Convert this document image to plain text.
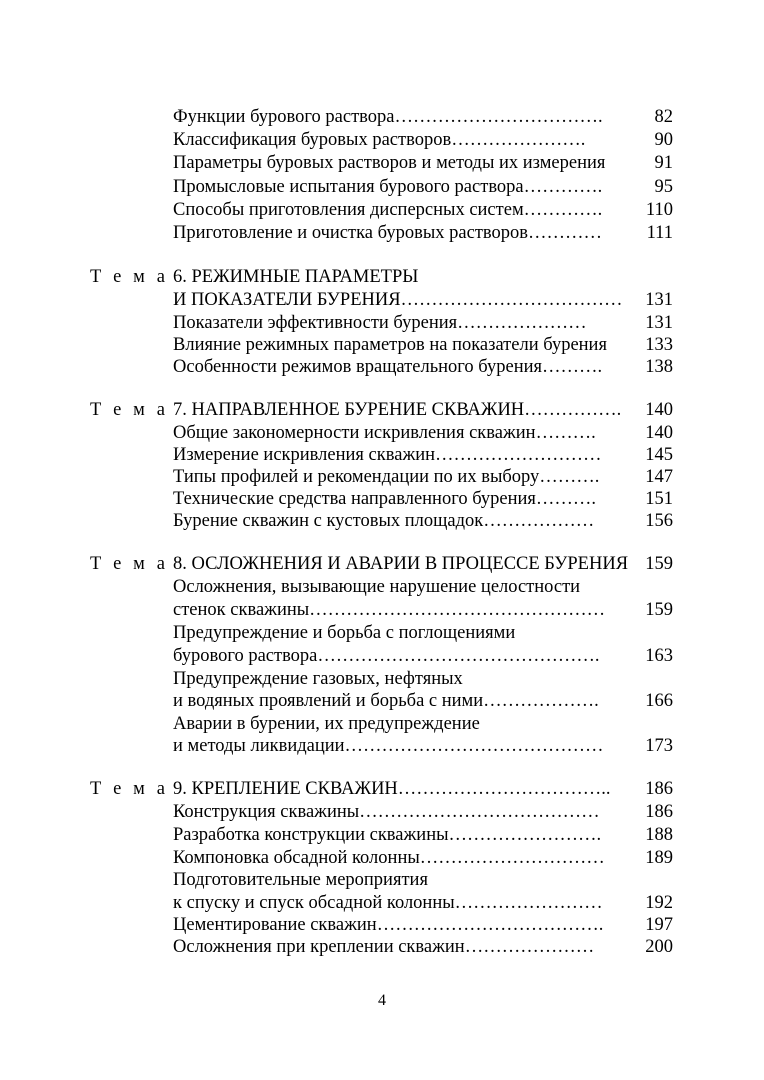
Функции бурового раствора…………………………….	82
Классификация буровых растворов………………….	90
Параметры буровых растворов и методы их измерения	91
Промысловые испытания бурового раствора………….	95
Способы приготовления дисперсных систем…………. 110
Приготовление и очистка буровых растворов………… 111
Т е м а 6. РЕЖИМНЫЕ ПАРАМЕТРЫ
И ПОКАЗАТЕЛИ БУРЕНИЯ……………………………… 131
Показатели эффективности бурения…………………	131
Влияние режимных параметров на показатели бурения 133
Особенности режимов вращательного бурения………. 138
Т е м а 7. НАПРАВЛЕННОЕ БУРЕНИЕ СКВАЖИН……………. 140
Общие закономерности искривления скважин……….	140
Измерение искривления скважин……………………… 145
Типы профилей и рекомендации по их выбору………. 147
Технические средства направленного бурения……….	151
Бурение скважин с кустовых площадок………………	156
Т е м а 8. ОСЛОЖНЕНИЯ И АВАРИИ В ПРОЦЕССЕ БУРЕНИЯ 159
Осложнения, вызывающие нарушение целостности
стенок скважины………………………………………… 159
Предупреждение и борьба с поглощениями
бурового раствора………………………………………. 163
Предупреждение газовых, нефтяных
и водяных проявлений и борьба с ними……………….	166
Аварии в бурении, их предупреждение
и методы ликвидации…………………………………… 173
Т е м а 9. КРЕПЛЕНИЕ СКВАЖИН…………………………….. 186
Конструкция скважины………………………………… 186
Разработка конструкции скважины……………………. 188
Компоновка обсадной колонны………………………… 189
Подготовительные мероприятия
к спуску и спуск обсадной колонны…………………… 192
Цементирование скважин………………………………. 197
Осложнения при креплении скважин…………………	200
4
